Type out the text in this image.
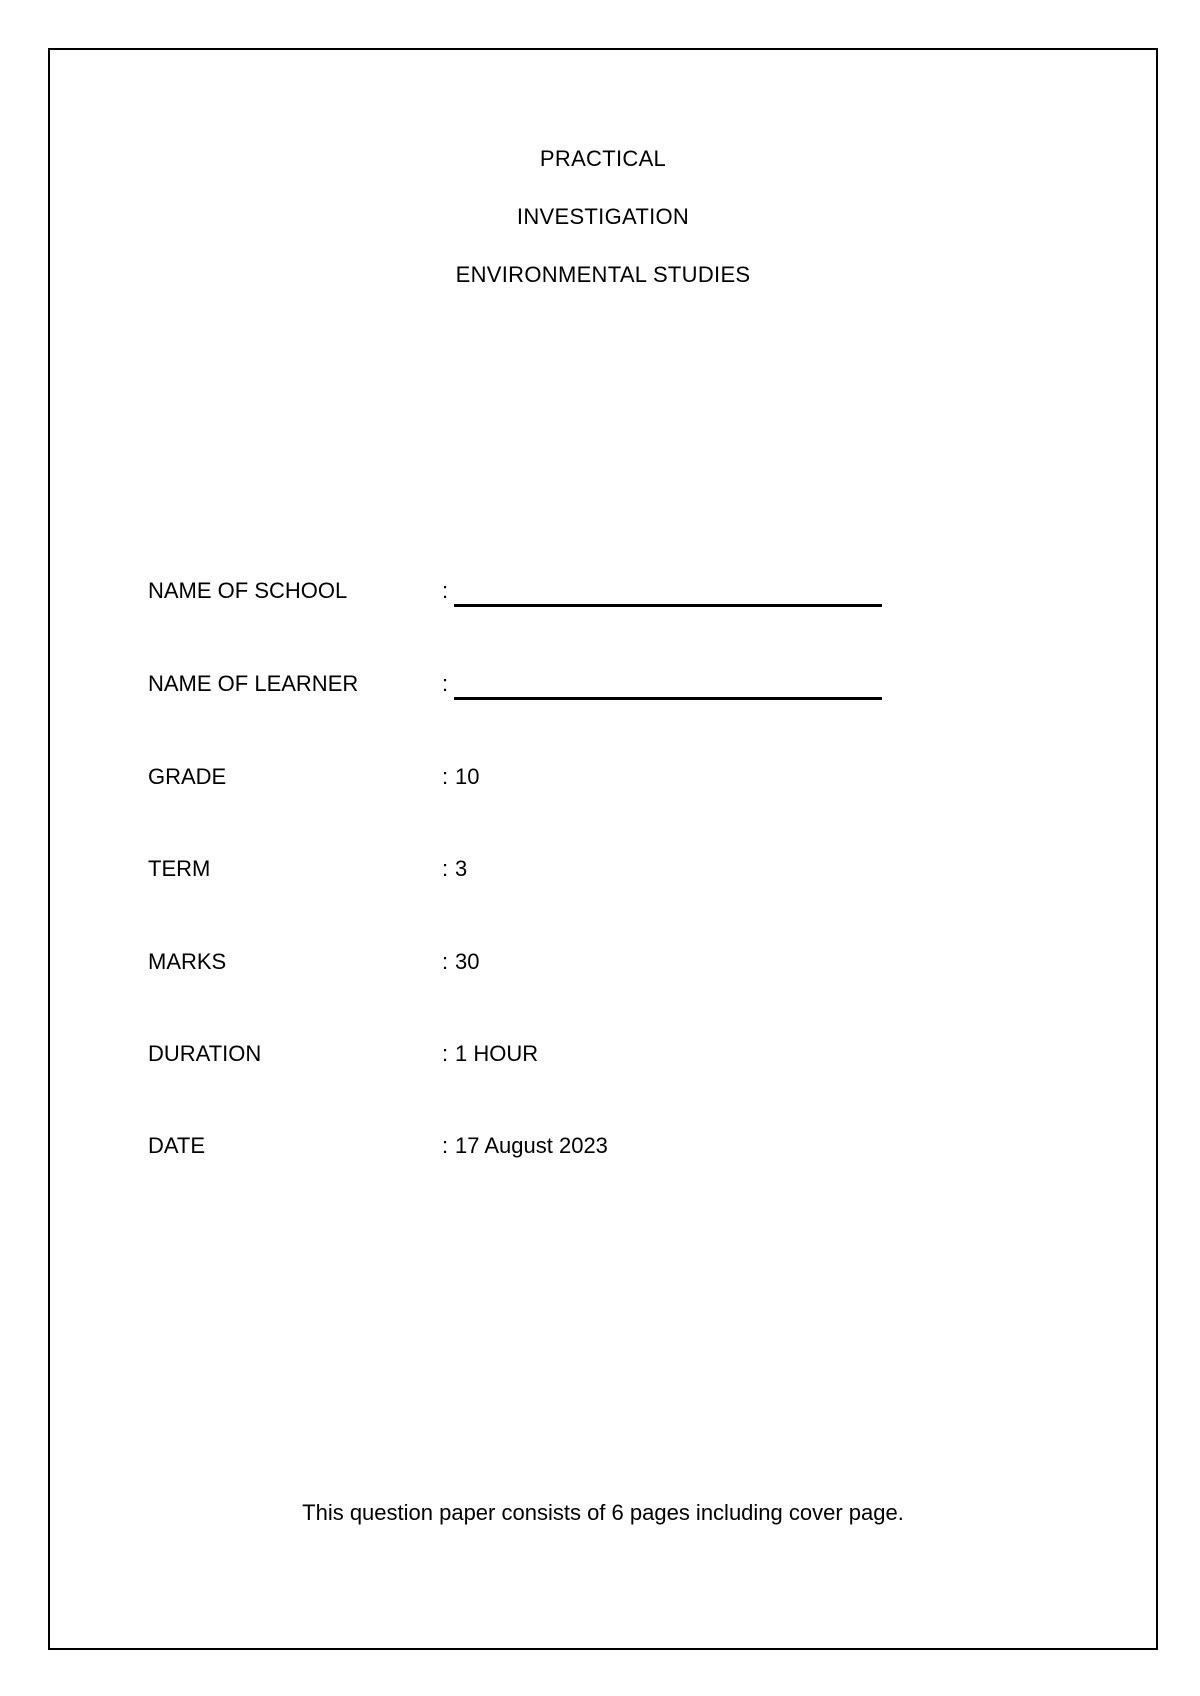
PRACTICAL
INVESTIGATION
ENVIRONMENTAL STUDIES
NAME OF SCHOOL	:
NAME OF LEARNER	:
GRADE	: 10
TERM	: 3
MARKS	: 30
DURATION	: 1 HOUR
DATE	: 17 August 2023
This question paper consists of 6 pages including cover page.
